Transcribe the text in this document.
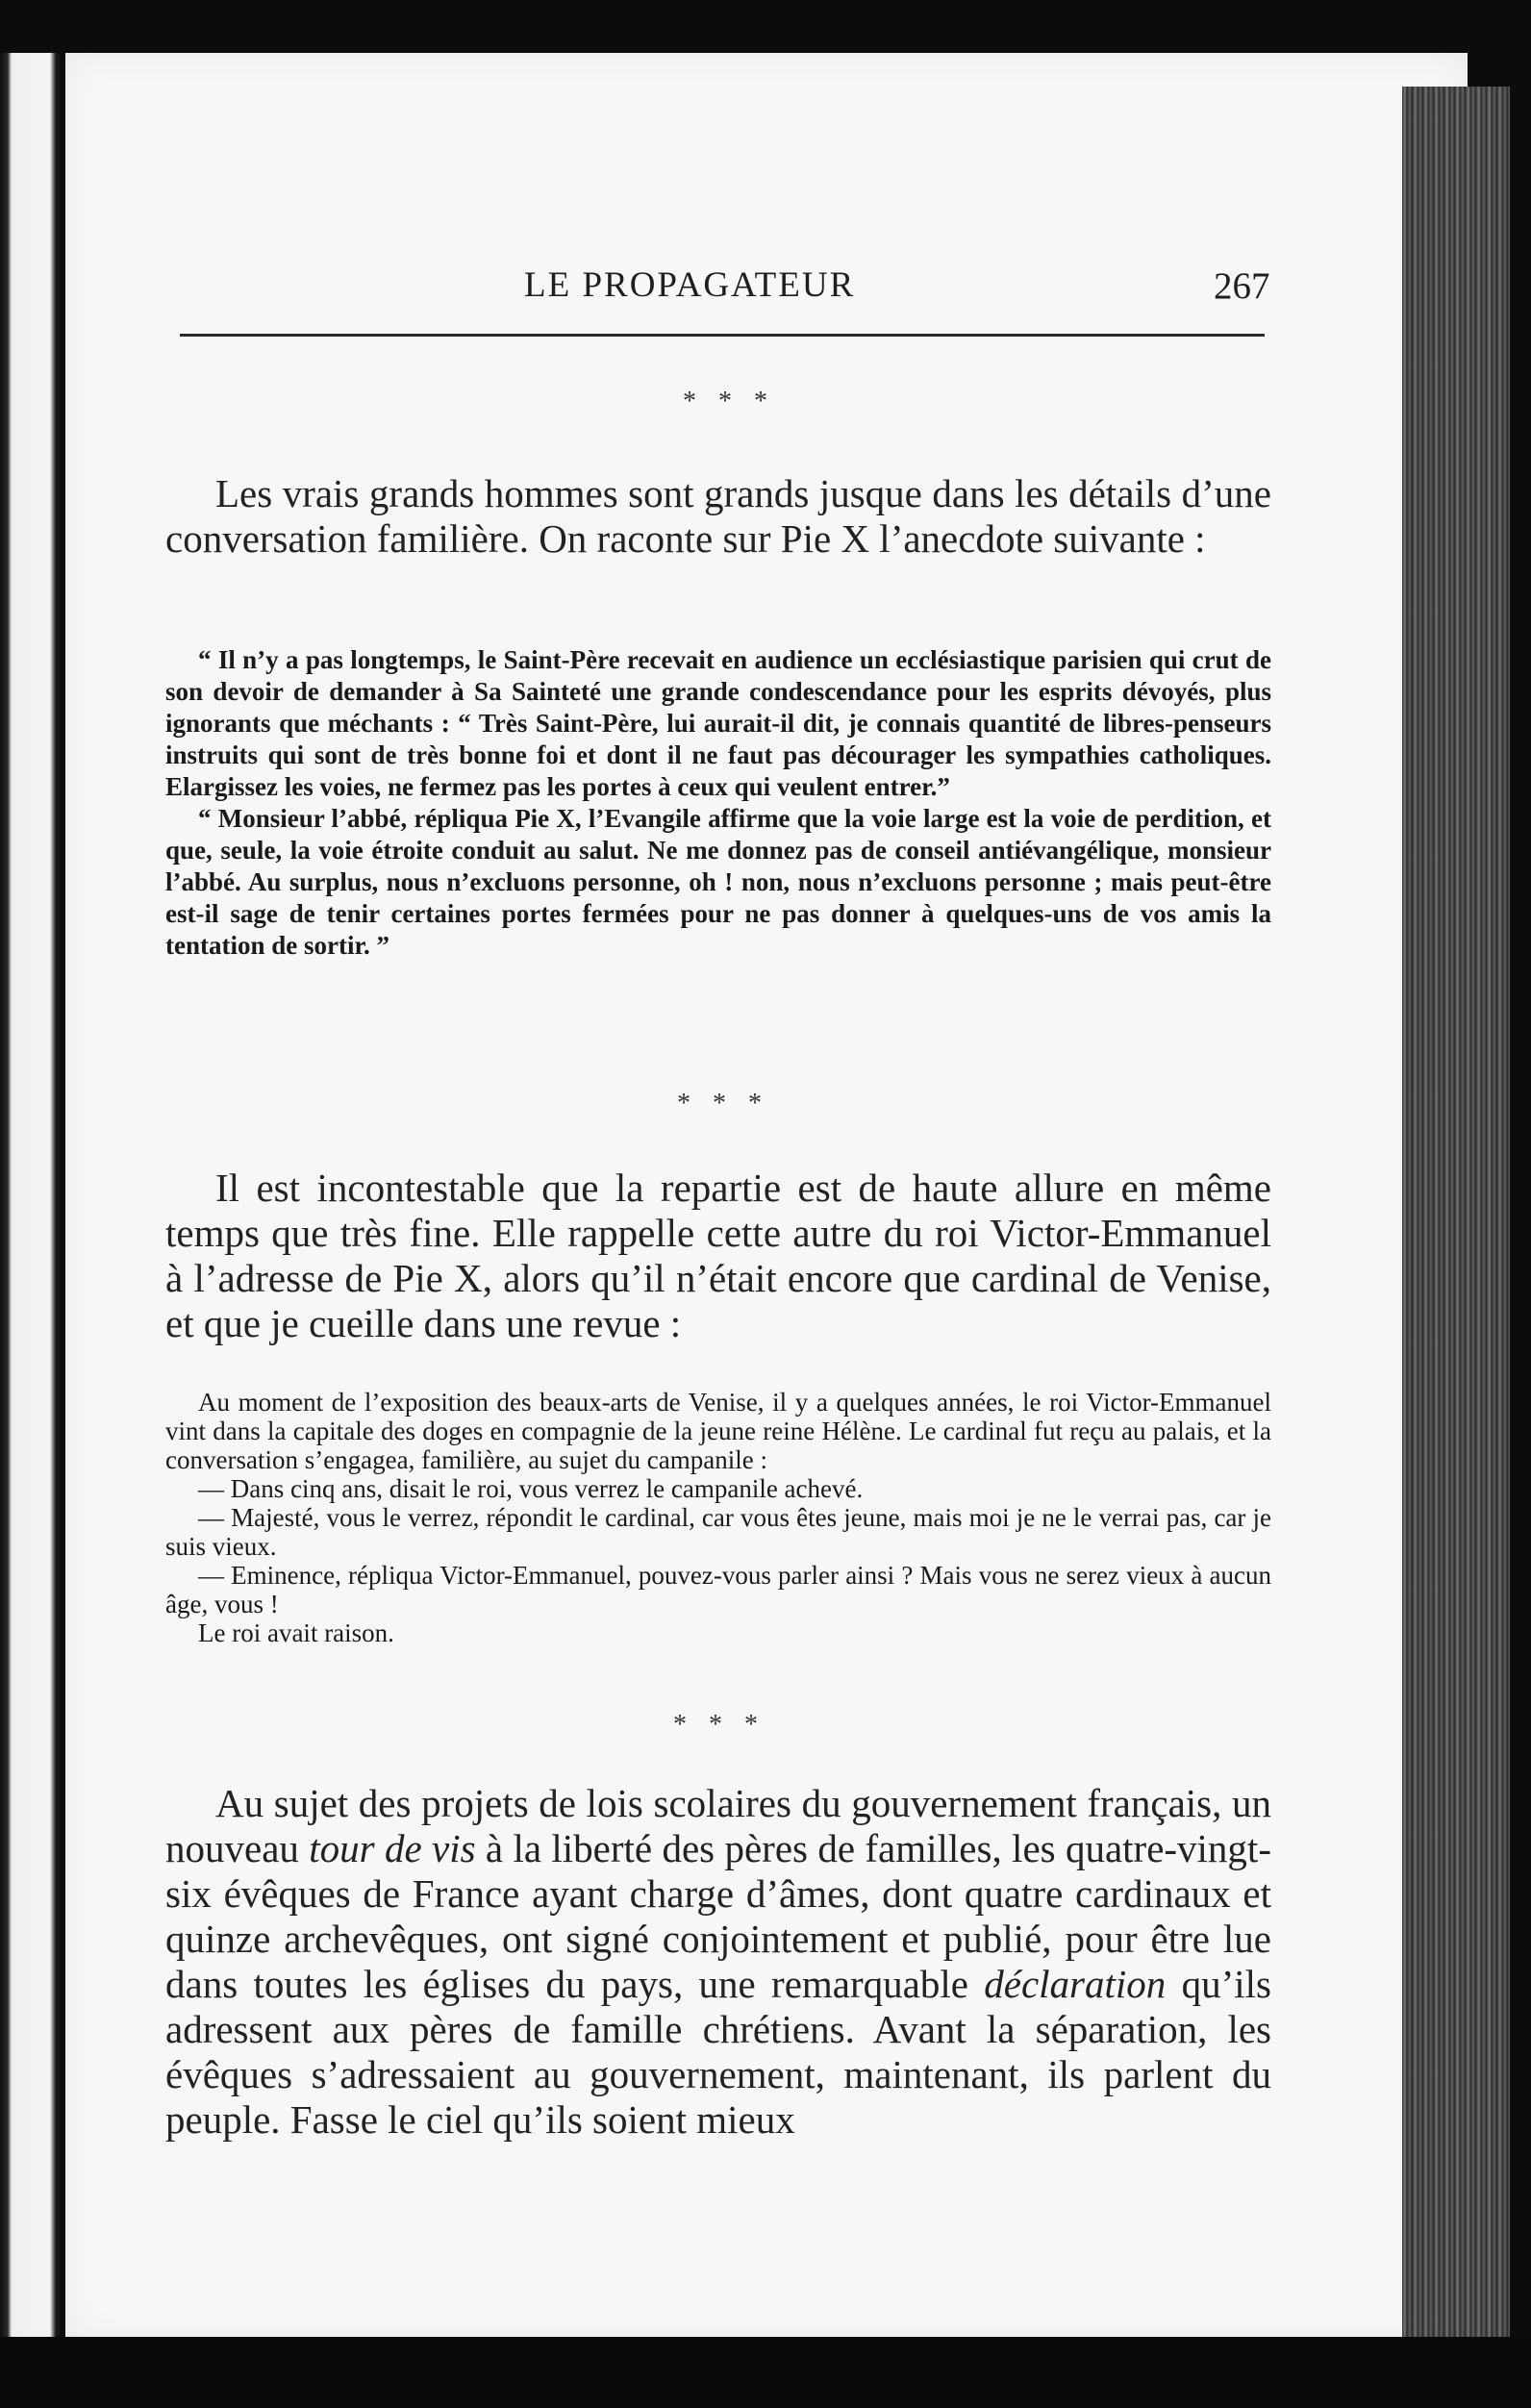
LE PROPAGATEUR	267
* * *

Les vrais grands hommes sont grands jusque dans les détails d’une conversation familière. On raconte sur Pie X l’anecdote suivante :

“ Il n’y a pas longtemps, le Saint-Père recevait en audience un ecclésiastique parisien qui crut de son devoir de demander à Sa Sainteté une grande condescendance pour les esprits dévoyés, plus ignorants que méchants : “ Très Saint-Père, lui aurait-il dit, je connais quantité de libres-penseurs instruits qui sont de très bonne foi et dont il ne faut pas décourager les sympathies catholiques. Elargissez les voies, ne fermez pas les portes à ceux qui veulent entrer.”

“ Monsieur l’abbé, répliqua Pie X, l’Evangile affirme que la voie large est la voie de perdition, et que, seule, la voie étroite conduit au salut. Ne me donnez pas de conseil antiévangélique, monsieur l’abbé. Au surplus, nous n’excluons personne, oh ! non, nous n’excluons personne ; mais peut-être est-il sage de tenir certaines portes fermées pour ne pas donner à quelques-uns de vos amis la tentation de sortir. ”

* * *

Il est incontestable que la repartie est de haute allure en même temps que très fine. Elle rappelle cette autre du roi Victor-Emmanuel à l’adresse de Pie X, alors qu’il n’était encore que cardinal de Venise, et que je cueille dans une revue :

Au moment de l’exposition des beaux-arts de Venise, il y a quelques années, le roi Victor-Emmanuel vint dans la capitale des doges en compagnie de la jeune reine Hélène. Le cardinal fut reçu au palais, et la conversation s’engagea, familière, au sujet du campanile :

— Dans cinq ans, disait le roi, vous verrez le campanile achevé.

— Majesté, vous le verrez, répondit le cardinal, car vous êtes jeune, mais moi je ne le verrai pas, car je suis vieux.

— Eminence, répliqua Victor-Emmanuel, pouvez-vous parler ainsi ? Mais vous ne serez vieux à aucun âge, vous !

Le roi avait raison.

* * *

Au sujet des projets de lois scolaires du gouvernement français, un nouveau tour de vis à la liberté des pères de familles, les quatre-vingt-six évêques de France ayant charge d’âmes, dont quatre cardinaux et quinze archevêques, ont signé conjointement et publié, pour être lue dans toutes les églises du pays, une remarquable déclaration qu’ils adressent aux pères de famille chrétiens. Avant la séparation, les évêques s’adressaient au gouvernement, maintenant, ils parlent du peuple. Fasse le ciel qu’ils soient mieux
